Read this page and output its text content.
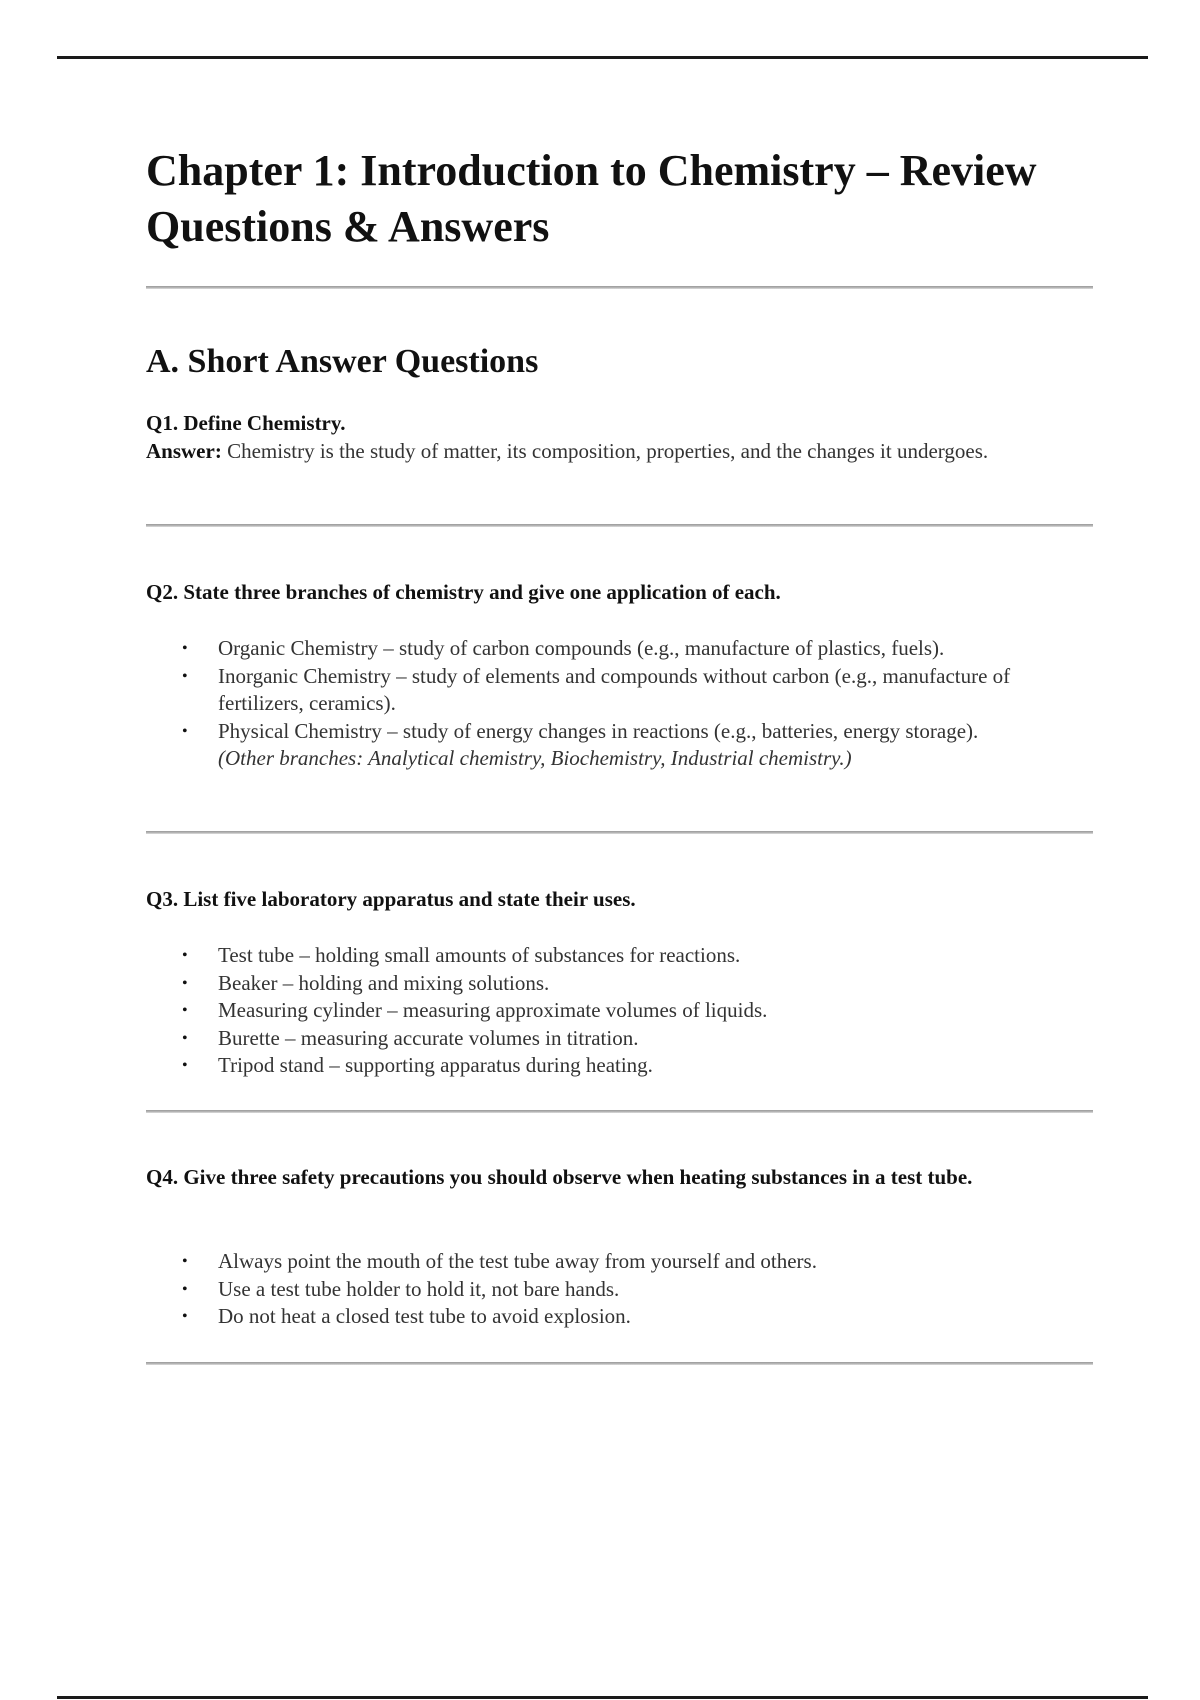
Chapter 1: Introduction to Chemistry – Review Questions & Answers
A. Short Answer Questions

Q1. Define Chemistry.

Answer: Chemistry is the study of matter, its composition, properties, and the changes it undergoes.

Q2. State three branches of chemistry and give one application of each.

• Organic Chemistry – study of carbon compounds (e.g., manufacture of plastics, fuels).
• Inorganic Chemistry – study of elements and compounds without carbon (e.g., manufacture of fertilizers, ceramics).
• Physical Chemistry – study of energy changes in reactions (e.g., batteries, energy storage).
(Other branches: Analytical chemistry, Biochemistry, Industrial chemistry.)

Q3. List five laboratory apparatus and state their uses.

• Test tube – holding small amounts of substances for reactions.
• Beaker – holding and mixing solutions.
• Measuring cylinder – measuring approximate volumes of liquids.
• Burette – measuring accurate volumes in titration.
• Tripod stand – supporting apparatus during heating.

Q4. Give three safety precautions you should observe when heating substances in a test tube.

• Always point the mouth of the test tube away from yourself and others.
• Use a test tube holder to hold it, not bare hands.
• Do not heat a closed test tube to avoid explosion.
